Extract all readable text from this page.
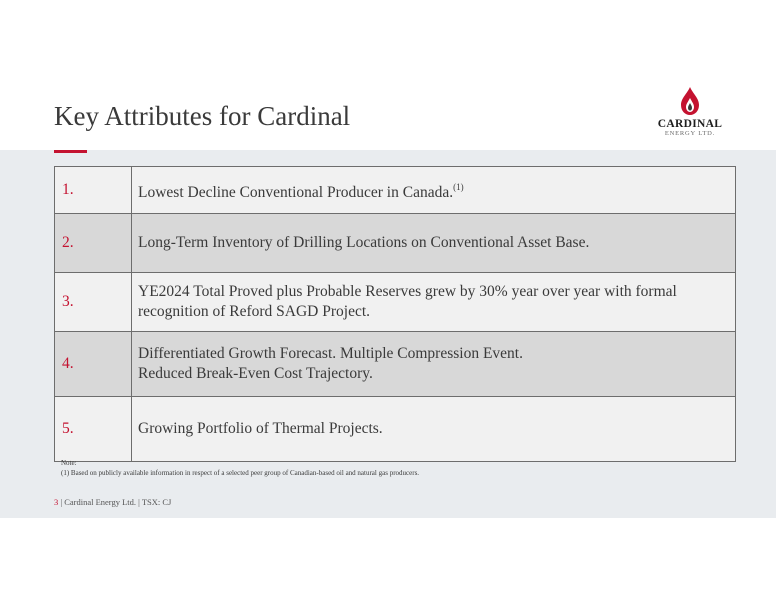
Key Attributes for Cardinal	CARDINAL
ENERGY LTD.
1.	Lowest Decline Conventional Producer in Canada.$^{(1)}$
2.	Long-Term Inventory of Drilling Locations on Conventional Asset Base.
3.	YE2024 Total Proved plus Probable Reserves grew by 30% year over year with formal
recognition of Reford SAGD Project.
4.	Differentiated Growth Forecast. Multiple Compression Event.
Reduced Break-Even Cost Trajectory.
5.	Growing Portfolio of Thermal Projects.
Note:
(1) Based on publicly available information in respect of a selected peer group of Canadian-based oil and natural gas producers.
3 | Cardinal Energy Ltd. | TSX: CJ
